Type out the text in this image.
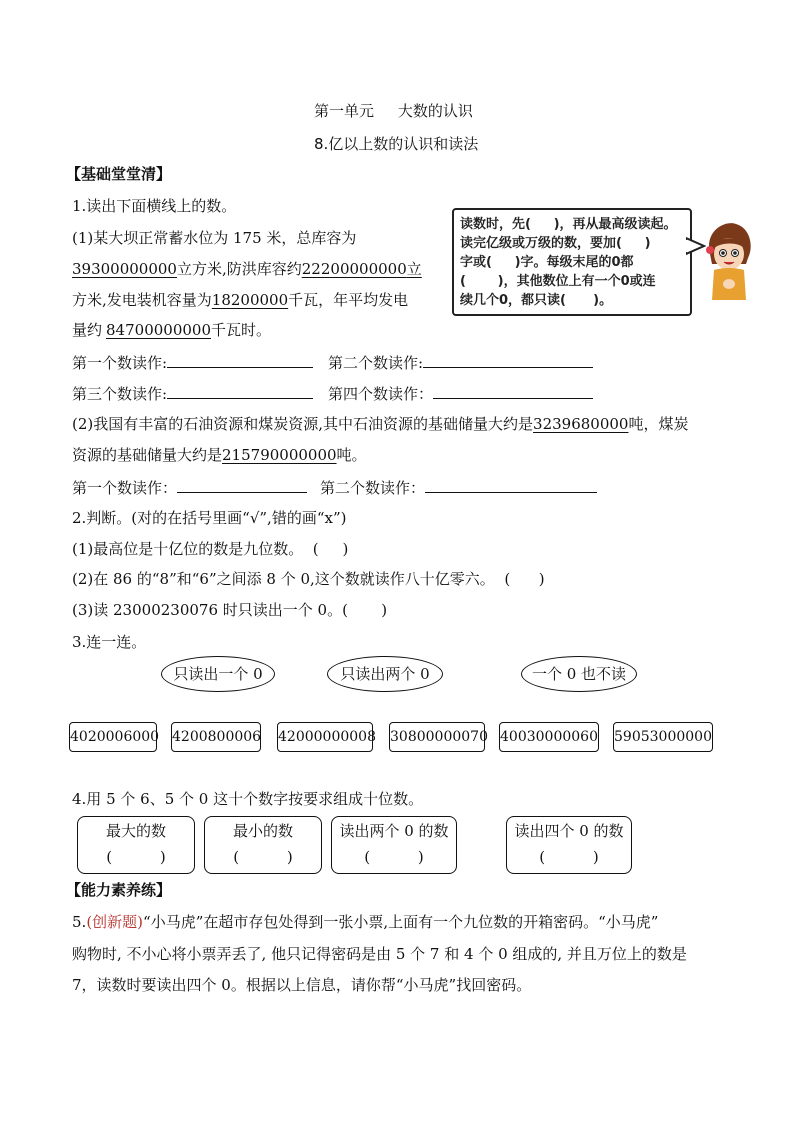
第一单元     大数的认识
8.亿以上数的认识和读法
【基础堂堂清】
1.读出下面横线上的数。
(1)某大坝正常蓄水位为 175 米，总库容为
39300000000立方米,防洪库容约22200000000立
方米,发电装机容量为18200000千瓦，年平均发电
量约 84700000000千瓦时。
读数时，先(     )，再从最高级读起。
读完亿级或万级的数，要加(     )
字或(     )字。每级末尾的0都
(       )，其他数位上有一个0或连
续几个0，都只读(      )。
第一个数读作:	第二个数读作:
第三个数读作:	第四个数读作：
(2)我国有丰富的石油资源和煤炭资源,其中石油资源的基础储量大约是3239680000吨，煤炭
资源的基础储量大约是215790000000吨。
第一个数读作：	第二个数读作：
2.判断。(对的在括号里画“√”,错的画“x”)
(1)最高位是十亿位的数是九位数。  (     )
(2)在 86 的“8”和“6”之间添 8 个 0,这个数就读作八十亿零六。  (      )
(3)读 23000230076 时只读出一个 0。(       )
3.连一连。
只读出一个 0	只读出两个 0	一个 0 也不读
4020006000 4200800006 42000000008 30800000070 40030000060 59053000000
4.用 5 个 6、5 个 0 这十个数字按要求组成十位数。
最大的数
(          )
最小的数
(          )
读出两个 0 的数
(          )
读出四个 0 的数
(          )
【能力素养练】
5.(创新题)“小马虎”在超市存包处得到一张小票,上面有一个九位数的开箱密码。“小马虎”
购物时, 不小心将小票弄丢了, 他只记得密码是由 5 个 7 和 4 个 0 组成的, 并且万位上的数是
7，读数时要读出四个 0。根据以上信息，请你帮“小马虎”找回密码。
